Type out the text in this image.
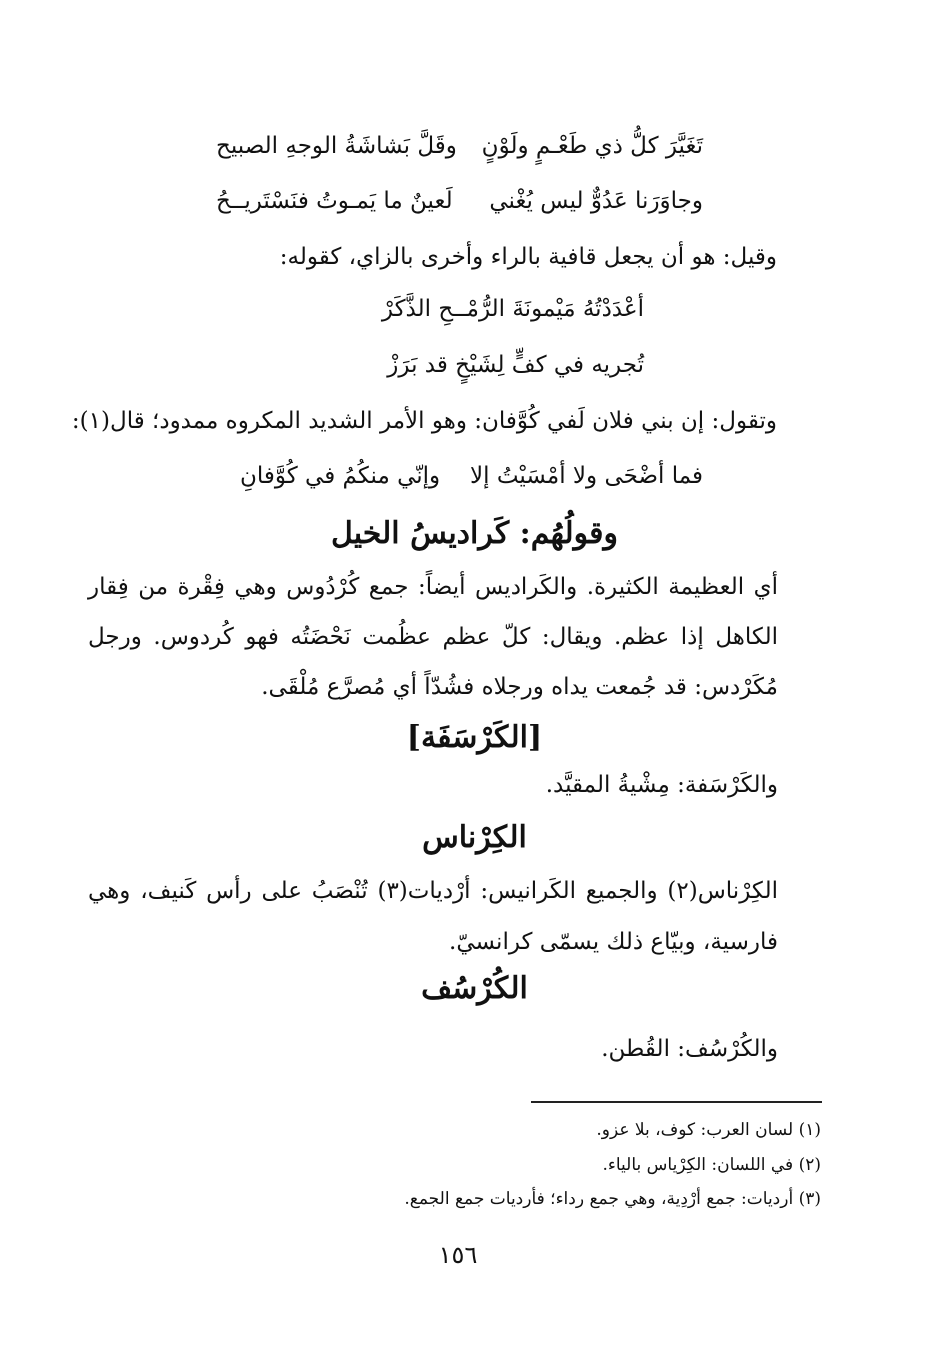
تَغَيَّرَ كلُّ ذي طَعْـمٍ ولَوْنٍ
وقَلَّ بَشاشَةُ الوجهِ الصبيح
وجاوَرَنا عَدُوٌّ ليس يُغْني
لَعينٌ ما يَمـوتُ فنَسْتَريــحُ
وقيل: هو أن يجعل قافية بالراء وأخرى بالزاي، كقوله:
أعْدَدْتُهُ مَيْمونَةَ الرُّمْــحِ الذَّكَرْ
تُجريه في كفٍّ لِشَيْخٍ قد بَرَزْ
وتقول: إن بني فلان لَفي كُوَّفان: وهو الأمر الشديد المكروه ممدود؛ قال(١):
فما أضْحَى ولا أمْسَيْتُ إلا
وإنّي منكُمُ في كُوَّفانِ
وقولُهُم: كَراديسُ الخيل
أي العظيمة الكثيرة. والكَراديس أيضاً: جمع كُرْدُوس وهي فِقْرة من فِقار
الكاهل إذا عظم. ويقال: كلّ عظم عظُمت نَحْضَتُه فهو كُردوس. ورجل
مُكَرْدس: قد جُمعت يداه ورجلاه فشُدّاً أي مُصرَّع مُلْقَى.
[الكَرْسَفَة]
والكَرْسَفة: مِشْيةُ المقيَّد.
الكِرْناس
الكِرْناس(٢) والجميع الكَرانيس: أرْديات(٣) تُنْصَبُ على رأس كَنيف، وهي
فارسية، وبيّاع ذلك يسمّى كرانسيّ.
الكُرْسُف
والكُرْسُف: القُطن.
(١) لسان العرب: كوف، بلا عزو.
(٢) في اللسان: الكِرْياس بالياء.
(٣) أرديات: جمع أرْدِية، وهي جمع رداء؛ فأرديات جمع الجمع.
١٥٦
